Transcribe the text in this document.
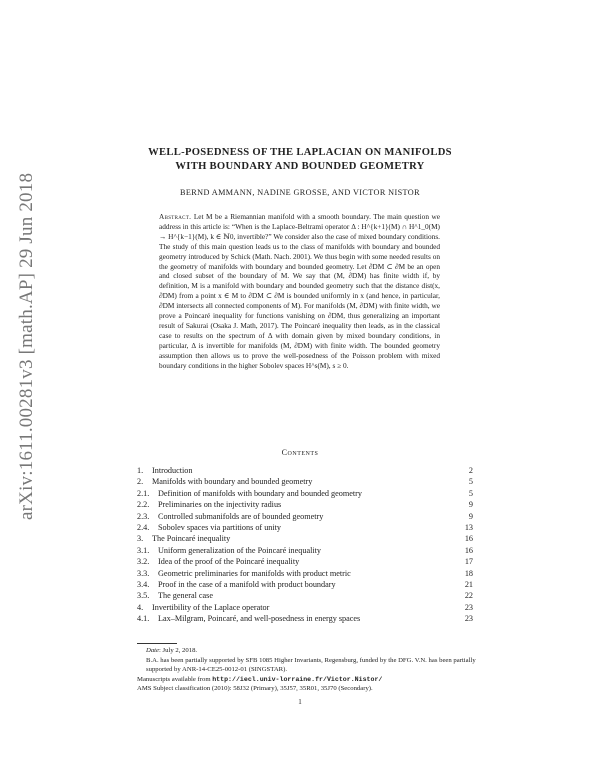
arXiv:1611.00281v3 [math.AP] 29 Jun 2018
WELL-POSEDNESS OF THE LAPLACIAN ON MANIFOLDS
WITH BOUNDARY AND BOUNDED GEOMETRY
BERND AMMANN, NADINE GROSSE, AND VICTOR NISTOR
Abstract. Let M be a Riemannian manifold with a smooth boundary. The main question we address in this article is: “When is the Laplace-Beltrami operator Δ : H^{k+1}(M) ∩ H^1_0(M) → H^{k−1}(M), k ∈ ℕ0, invertible?” We consider also the case of mixed boundary conditions. The study of this main question leads us to the class of manifolds with boundary and bounded geometry introduced by Schick (Math. Nach. 2001). We thus begin with some needed results on the geometry of manifolds with boundary and bounded geometry. Let ∂DM ⊂ ∂M be an open and closed subset of the boundary of M. We say that (M, ∂DM) has finite width if, by definition, M is a manifold with boundary and bounded geometry such that the distance dist(x, ∂DM) from a point x ∈ M to ∂DM ⊂ ∂M is bounded uniformly in x (and hence, in particular, ∂DM intersects all connected components of M). For manifolds (M, ∂DM) with finite width, we prove a Poincaré inequality for functions vanishing on ∂DM, thus generalizing an important result of Sakurai (Osaka J. Math, 2017). The Poincaré inequality then leads, as in the classical case to results on the spectrum of Δ with domain given by mixed boundary conditions, in particular, Δ is invertible for manifolds (M, ∂DM) with finite width. The bounded geometry assumption then allows us to prove the well-posedness of the Poisson problem with mixed boundary conditions in the higher Sobolev spaces H^s(M), s ≥ 0.
Contents
1.	Introduction	2
2.	Manifolds with boundary and bounded geometry	5
2.1.	Definition of manifolds with boundary and bounded geometry	5
2.2.	Preliminaries on the injectivity radius	9
2.3.	Controlled submanifolds are of bounded geometry	9
2.4.	Sobolev spaces via partitions of unity	13
3.	The Poincaré inequality	16
3.1.	Uniform generalization of the Poincaré inequality	16
3.2.	Idea of the proof of the Poincaré inequality	17
3.3.	Geometric preliminaries for manifolds with product metric	18
3.4.	Proof in the case of a manifold with product boundary	21
3.5.	The general case	22
4.	Invertibility of the Laplace operator	23
4.1.	Lax–Milgram, Poincaré, and well-posedness in energy spaces	23

Date: July 2, 2018.

B.A. has been partially supported by SFB 1085 Higher Invariants, Regensburg, funded by the DFG. V.N. has been partially supported by ANR-14-CE25-0012-01 (SINGSTAR).

Manuscripts available from http://iecl.univ-lorraine.fr/Victor.Nistor/

AMS Subject classification (2010): 58J32 (Primary), 35J57, 35R01, 35J70 (Secondary).

1
